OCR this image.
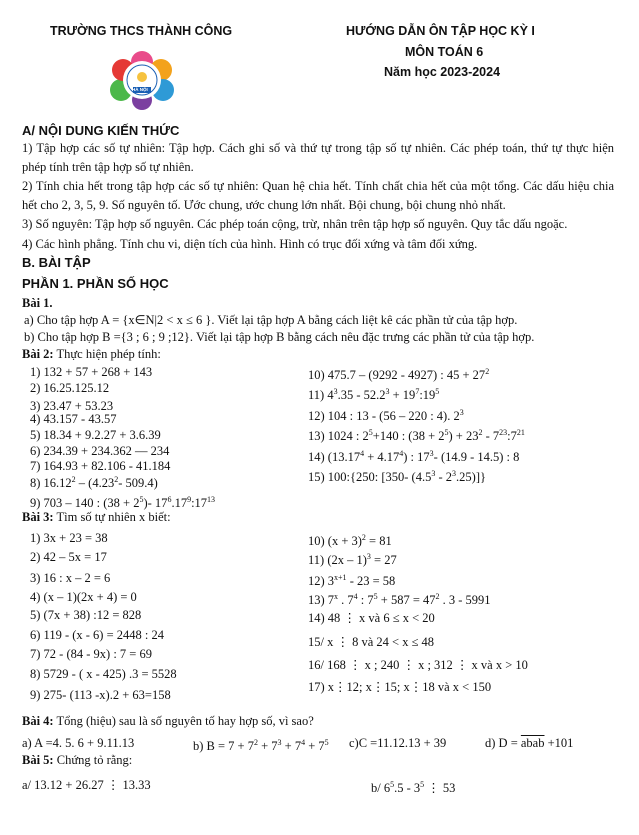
TRƯỜNG THCS THÀNH CÔNG	HƯỚNG DẪN ÔN TẬP HỌC KỲ I
MÔN TOÁN 6
Năm học 2023-2024
HÀ NỘI
A/ NỘI DUNG KIẾN THỨC
1) Tập hợp các số tự nhiên: Tập hợp. Cách ghi số và thứ tự trong tập số tự nhiên. Các phép toán, thứ tự thực hiện phép tính trên tập hợp số tự nhiên.
2) Tính chia hết trong tập hợp các số tự nhiên: Quan hệ chia hết. Tính chất chia hết của một tổng. Các dấu hiệu chia hết cho 2, 3, 5, 9. Số nguyên tố. Ước chung, ước chung lớn nhất. Bội chung, bội chung nhỏ nhất.
3) Số nguyên: Tập hợp số nguyên. Các phép toán cộng, trừ, nhân trên tập hợp số nguyên. Quy tắc dấu ngoặc.
4) Các hình phẳng. Tính chu vi, diện tích của hình. Hình có trục đối xứng và tâm đối xứng.
B. BÀI TẬP
PHẦN 1. PHẦN SỐ HỌC
Bài 1.
a) Cho tập hợp A = {x∈N|2 < x ≤ 6 }. Viết lại tập hợp A bằng cách liệt kê các phần tử của tập hợp.
b) Cho tập hợp B ={3 ; 6 ; 9 ;12}. Viết lại tập hợp B bằng cách nêu đặc trưng các phần tử của tập hợp.
Bài 2: Thực hiện phép tính:
1) 132 + 57 + 268 + 143
2) 16.25.125.12
3) 23.47 + 53.23
4) 43.157 - 43.57
5) 18.34 + 9.2.27 + 3.6.39
6) 234.39 + 234.362 — 234
7) 164.93 + 82.106 - 41.184
8) 16.12$^2$ – (4.23$^2$- 509.4)
9) 703 – 140 : $(38 + 2^5)-$ $17^6.17^9:17^{13}$
10) 475.7 – (9292 - 4927) : $45 + 27^2$
11) $4^3.35 - 52.2^3$ + $19^7:19^5$
12) 104 : 13 - (56 – 220 : 4). $2^3$
13) 1024 : $2^5+140$ : $(38 + 2^5) + 23^2$ - $7^{23}:7^{21}$
14) $(13.17^4 + 4.17^4)$ : $17^3-$ (14.9 - 14.5) : 8
15) 100:{250: [350- $(4.5^3 - 2^3.25)$]}
Bài 3: Tìm số tự nhiên x biết:
1) 3x + 23 = 38
2) 42 – 5x = 17
3) 16 : x – 2 = 6
4) (x – 1)(2x + 4) = 0
5) (7x + 38) :12 = 828
6) 119 - (x - 6) = 2448 : 24
7) 72 - (84 - 9x) : 7 = 69
8) 5729 - ( x - 425) .3 = 5528
9) 275- (113 -x).2 + 63=158
10) $(x + 3)^2 = 81$
11) (2x – 1)$^3$ = 27
12) $3^{x+1} - 23 = 58$
13) 7$^x$ . $7^4$ : $7^5 + 587 = 47^2$ . 3 - 5991
14) 48 ⋮ x và 6 ≤ x < 20
15/ x ⋮ 8 và 24 < x ≤ 48
16/ 168 ⋮ x ; 240 ⋮ x ; 312 ⋮ x và x > 10
17) x⋮12; x⋮15; x⋮18 và x < 150
Bài 4: Tổng (hiệu) sau là số nguyên tố hay hợp số, vì sao?
a) A =4. 5. 6 + 9.11.13	b) $B = 7 + 7^2 + 7^3 + 7^4 + 7^5$ c)C =11.12.13 + 39	d) D = abab +101
Bài 5: Chứng tỏ rằng:
a/ 13.12 + 26.27 ⋮ 13.33	b/ $6^5.5 - 3^5$ ⋮ 53
